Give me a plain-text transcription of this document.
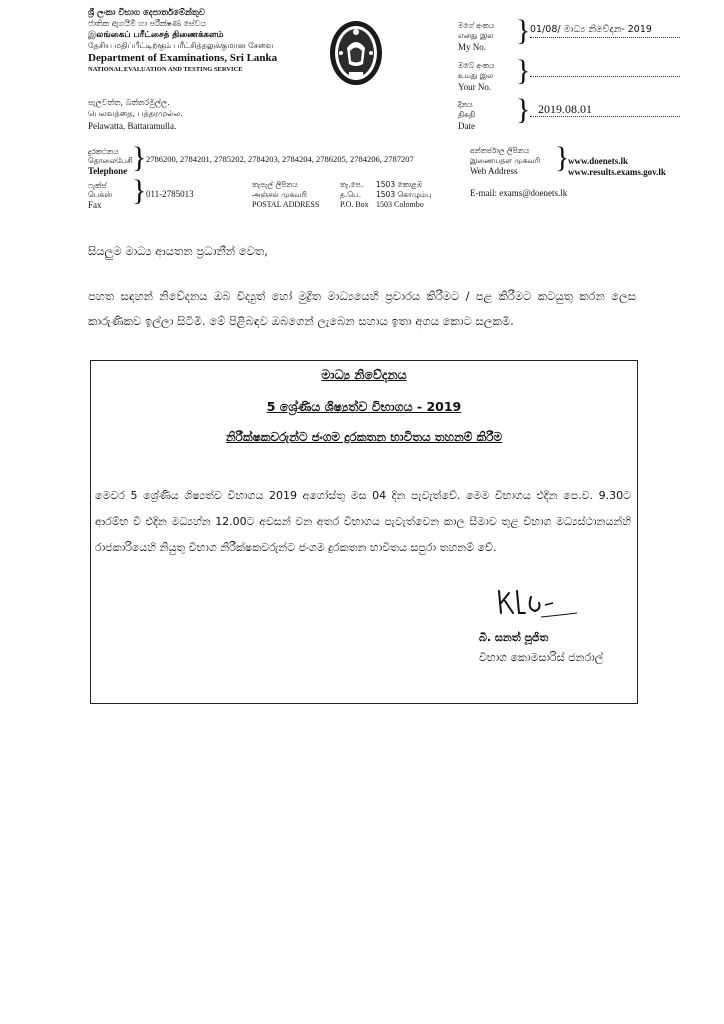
ශ්‍රී ලංකා විභාග දෙපාර්තමේන්තුව
ජාතික ඇගයීම් හා පරීක්ෂණ සේවය
இலங்கைப் பரீட்சைத் திணைக்களம்
தேசிய மதிப்பீட்டிற்கும் பரீட்சித்தலுக்குமான சேவை
Department of Examinations, Sri Lanka
NATIONAL EVALUATION AND TESTING SERVICE
පැලවත්ත, බත්තරමුල්ල.
பெலவத்தை, பத்தரமுல்ல.
Pelawatta, Battaramulla.
මගේ අංකය
எனது இல
My No. } 01/08/ මාධ්‍ය නිවේදන- 2019
ඔබේ අංකය
உமது இல
Your No. }
දිනය
திகதி
Date } 2019.08.01
දුරකථනය
தொலைபேசி
Telephone } 2786200, 2784201, 2785202, 2784203, 2784204, 2786205, 2784206, 2787207
ෆැක්ස්
பெக்ஸ்
Fax } 011-2785013
තැපැල් ලිපිනය
அஞ்சல் முகவரி
POSTAL ADDRESS
තැ.පෙ.
த.பெ.
P.O. Box
1503 කොළඹ
1503 கொழும்பு
1503 Colombo
අන්තර්ජාල ලිපිනය
இணையதள முகவரி
Web Address }
www.doenets.lk
www.results.exams.gov.lk
E-mail: exams@doenets.lk
සියලුම මාධ්‍ය ආයතන ප්‍රධානීන් වෙත,
පහත සඳහන් නිවේදනය ඔබ විද්‍යුත් හෝ මුද්‍රිත මාධ්‍යයෙහි ප්‍රචාරය කිරීමට / පළ කිරීමට කටයුතු කරන ලෙස කාරුණිකව ඉල්ලා සිටිමි. මේ පිළිබඳව ඔබගෙන් ලැබෙන සහාය ඉතා අගය කොට සලකමි.
මාධ්‍ය නිවේදනය
5 ශ්‍රේණිය ශිෂ්‍යත්ව විභාගය - 2019
නිරීක්ෂකවරුන්ට ජංගම දුරකතන භාවිතය තහනම් කිරීම
මෙවර 5 ශ්‍රේණිය ශිෂ්‍යත්ව විභාගය 2019 අගෝස්තු මස 04 දින පැවැත්වේ. මෙම විභාගය එදින පෙ.ව. 9.30ට ආරම්භ වී එදින මධ්‍යහ්න 12.00ට අවසන් වන අතර විභාගය පැවැත්වෙන කාල සීමාව තුළ විභාග මධ්‍යස්ථානයන්හි රාජකාරියෙහි නියුතු විභාග නිරීක්ෂකවරුන්ට ජංගම දුරකතන භාවිතය සපුරා තහනම් වේ.
බී. සනත් පූජිත
විභාග කොමසාරිස් ජනරාල්
